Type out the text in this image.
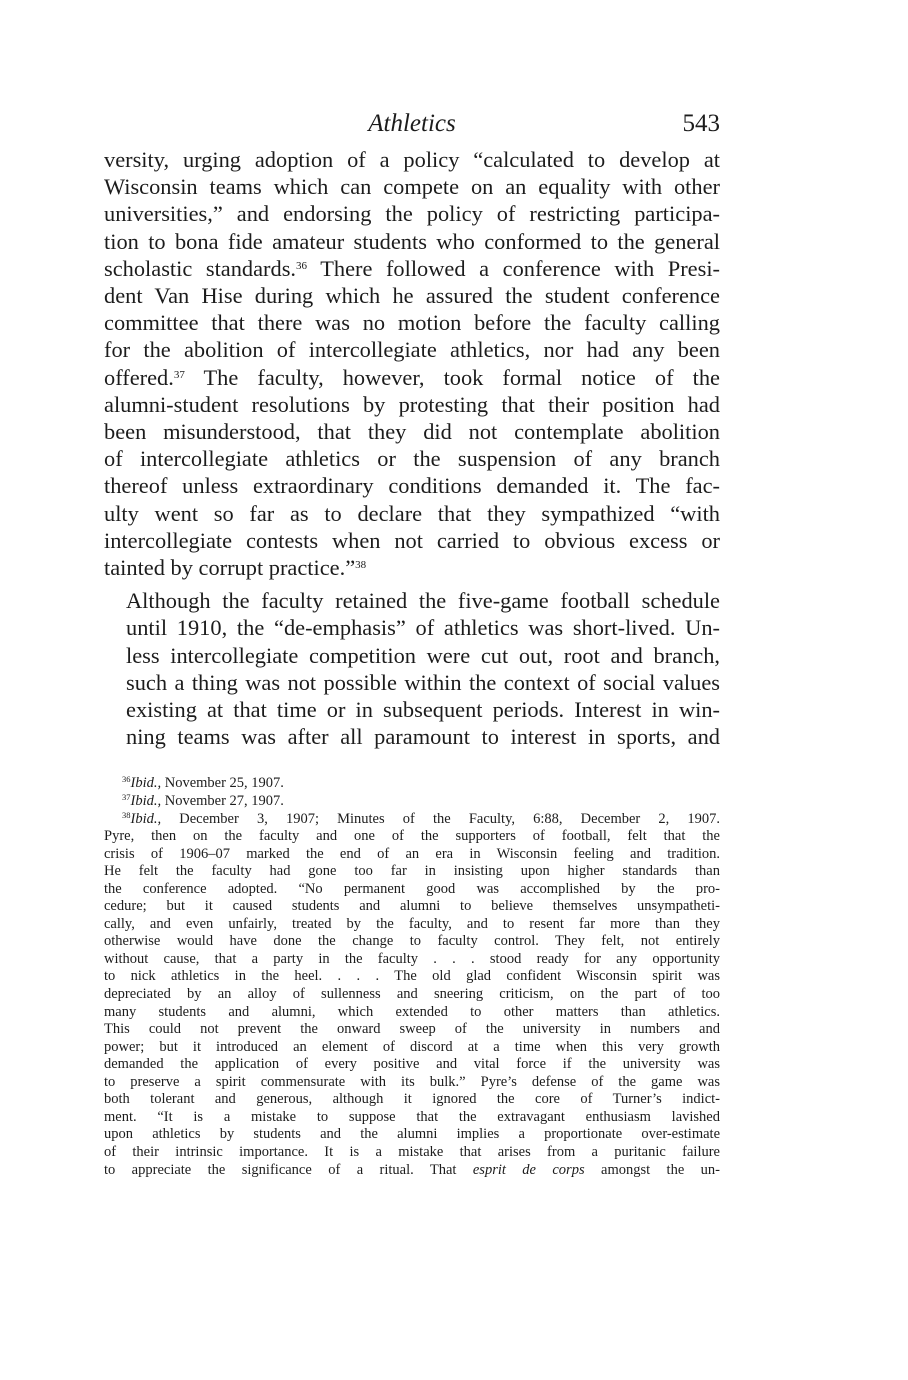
Athletics	543

versity, urging adoption of a policy “calculated to develop at
Wisconsin teams which can compete on an equality with other
universities,” and endorsing the policy of restricting participa-
tion to bona fide amateur students who conformed to the general
scholastic standards.$^{36}$ There followed a conference with Presi-
dent Van Hise during which he assured the student conference
committee that there was no motion before the faculty calling
for the abolition of intercollegiate athletics, nor had any been
offered.$^{37}$ The faculty, however, took formal notice of the
alumni-student resolutions by protesting that their position had
been misunderstood, that they did not contemplate abolition
of intercollegiate athletics or the suspension of any branch
thereof unless extraordinary conditions demanded it. The fac-
ulty went so far as to declare that they sympathized “with
intercollegiate contests when not carried to obvious excess or
tainted by corrupt practice.”$^{38}$

Although the faculty retained the five-game football schedule
until 1910, the “de-emphasis” of athletics was short-lived. Un-
less intercollegiate competition were cut out, root and branch,
such a thing was not possible within the context of social values
existing at that time or in subsequent periods. Interest in win-
ning teams was after all paramount to interest in sports, and

$^{36}$Ibid., November 25, 1907.
$^{37}$Ibid., November 27, 1907.
$^{38}$Ibid., December 3, 1907; Minutes of the Faculty, 6:88, December 2, 1907.
Pyre, then on the faculty and one of the supporters of football, felt that the
crisis of 1906–07 marked the end of an era in Wisconsin feeling and tradition.
He felt the faculty had gone too far in insisting upon higher standards than
the conference adopted. “No permanent good was accomplished by the pro-
cedure; but it caused students and alumni to believe themselves unsympatheti-
cally, and even unfairly, treated by the faculty, and to resent far more than they
otherwise would have done the change to faculty control. They felt, not entirely
without cause, that a party in the faculty . . . stood ready for any opportunity
to nick athletics in the heel. . . . The old glad confident Wisconsin spirit was
depreciated by an alloy of sullenness and sneering criticism, on the part of too
many students and alumni, which extended to other matters than athletics.
This could not prevent the onward sweep of the university in numbers and
power; but it introduced an element of discord at a time when this very growth
demanded the application of every positive and vital force if the university was
to preserve a spirit commensurate with its bulk.” Pyre’s defense of the game was
both tolerant and generous, although it ignored the core of Turner’s indict-
ment. “It is a mistake to suppose that the extravagant enthusiasm lavished
upon athletics by students and the alumni implies a proportionate over-estimate
of their intrinsic importance. It is a mistake that arises from a puritanic failure
to appreciate the significance of a ritual. That esprit de corps amongst the un-
